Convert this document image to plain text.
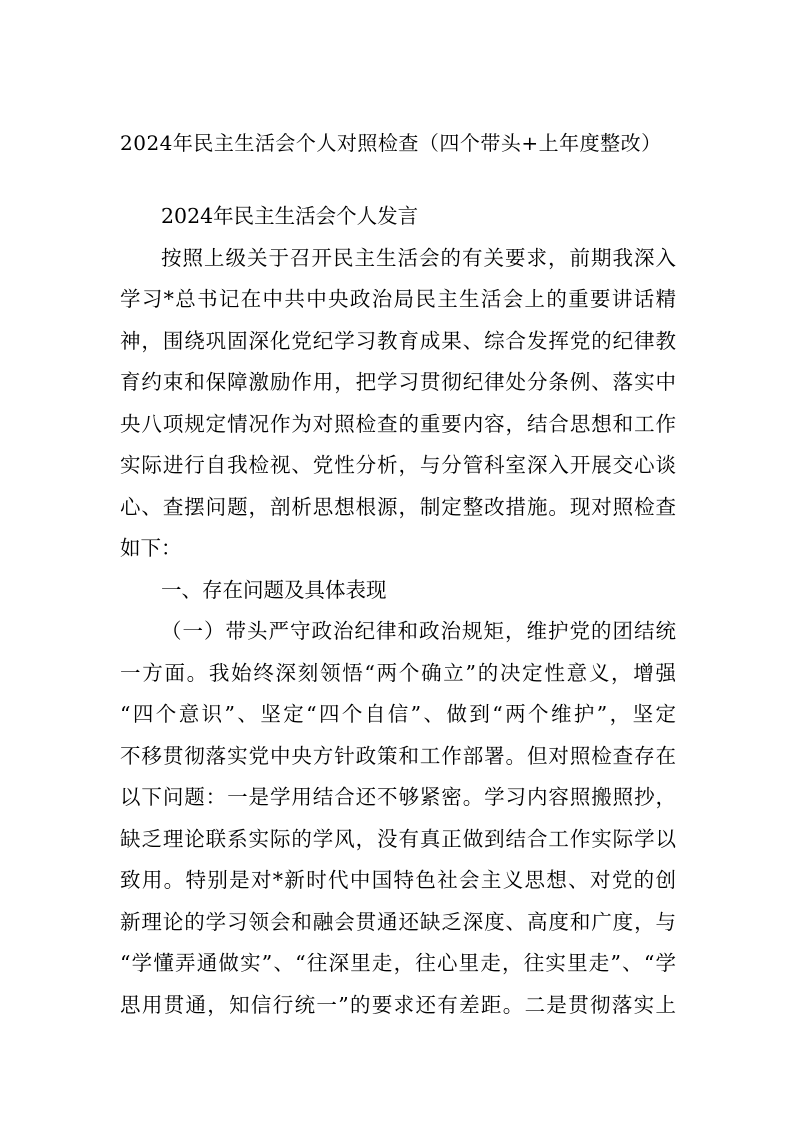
2024年民主生活会个人对照检查（四个带头+上年度整改）
2024年民主生活会个人发言
按照上级关于召开民主生活会的有关要求，前期我深入
学习*总书记在中共中央政治局民主生活会上的重要讲话精
神，围绕巩固深化党纪学习教育成果、综合发挥党的纪律教
育约束和保障激励作用，把学习贯彻纪律处分条例、落实中
央八项规定情况作为对照检查的重要内容，结合思想和工作
实际进行自我检视、党性分析，与分管科室深入开展交心谈
心、查摆问题，剖析思想根源，制定整改措施。现对照检查
如下：
一、存在问题及具体表现
（一）带头严守政治纪律和政治规矩，维护党的团结统
一方面。我始终深刻领悟“两个确立”的决定性意义，增强
“四个意识”、坚定“四个自信”、做到“两个维护”，坚定
不移贯彻落实党中央方针政策和工作部署。但对照检查存在
以下问题：一是学用结合还不够紧密。学习内容照搬照抄，
缺乏理论联系实际的学风，没有真正做到结合工作实际学以
致用。特别是对*新时代中国特色社会主义思想、对党的创
新理论的学习领会和融会贯通还缺乏深度、高度和广度，与
“学懂弄通做实”、“往深里走，往心里走，往实里走”、“学
思用贯通，知信行统一”的要求还有差距。二是贯彻落实上
